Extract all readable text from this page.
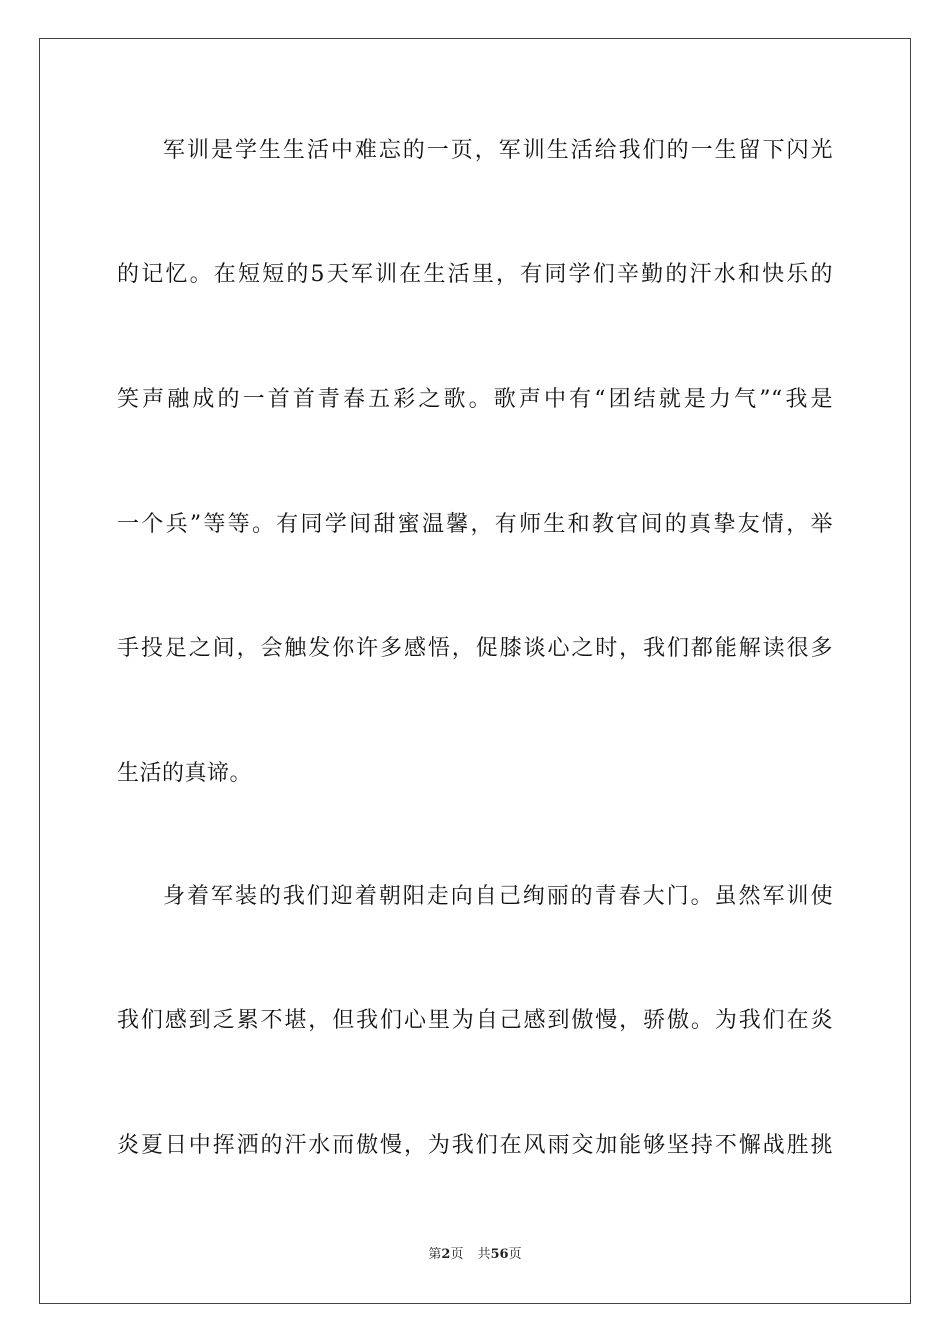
军训是学生生活中难忘的一页，军训生活给我们的一生留下闪光
的记忆。在短短的5天军训在生活里，有同学们辛勤的汗水和快乐的
笑声融成的一首首青春五彩之歌。歌声中有“团结就是力气”“我是
一个兵”等等。有同学间甜蜜温馨，有师生和教官间的真挚友情，举
手投足之间，会触发你许多感悟，促膝谈心之时，我们都能解读很多
生活的真谛。
身着军装的我们迎着朝阳走向自己绚丽的青春大门。虽然军训使
我们感到乏累不堪，但我们心里为自己感到傲慢，骄傲。为我们在炎
炎夏日中挥洒的汗水而傲慢，为我们在风雨交加能够坚持不懈战胜挑
第2页 共56页
